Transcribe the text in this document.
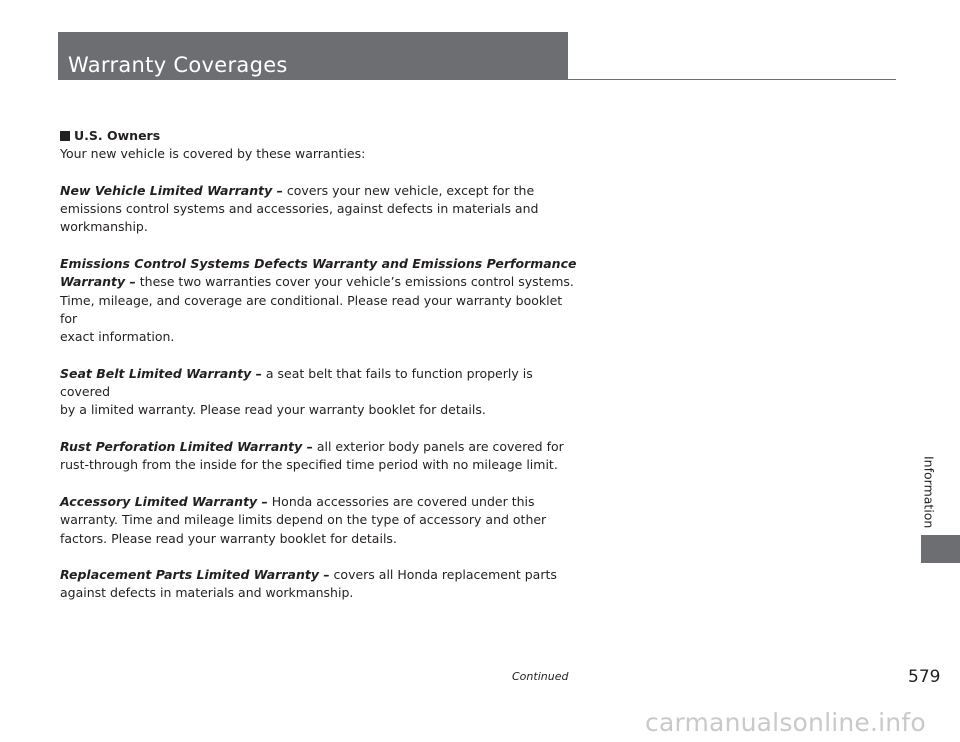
Warranty Coverages
U.S. Owners

Your new vehicle is covered by these warranties:

New Vehicle Limited Warranty – covers your new vehicle, except for the

emissions control systems and accessories, against defects in materials and

workmanship.

Emissions Control Systems Defects Warranty and Emissions Performance

Warranty – these two warranties cover your vehicle’s emissions control systems.

Time, mileage, and coverage are conditional. Please read your warranty booklet for

exact information.

Seat Belt Limited Warranty – a seat belt that fails to function properly is covered

by a limited warranty. Please read your warranty booklet for details.

Rust Perforation Limited Warranty – all exterior body panels are covered for

rust-through from the inside for the specified time period with no mileage limit.

Accessory Limited Warranty – Honda accessories are covered under this

warranty. Time and mileage limits depend on the type of accessory and other

factors. Please read your warranty booklet for details.

Replacement Parts Limited Warranty – covers all Honda replacement parts

against defects in materials and workmanship.

Information
Continued	579
carmanualsonline.info
